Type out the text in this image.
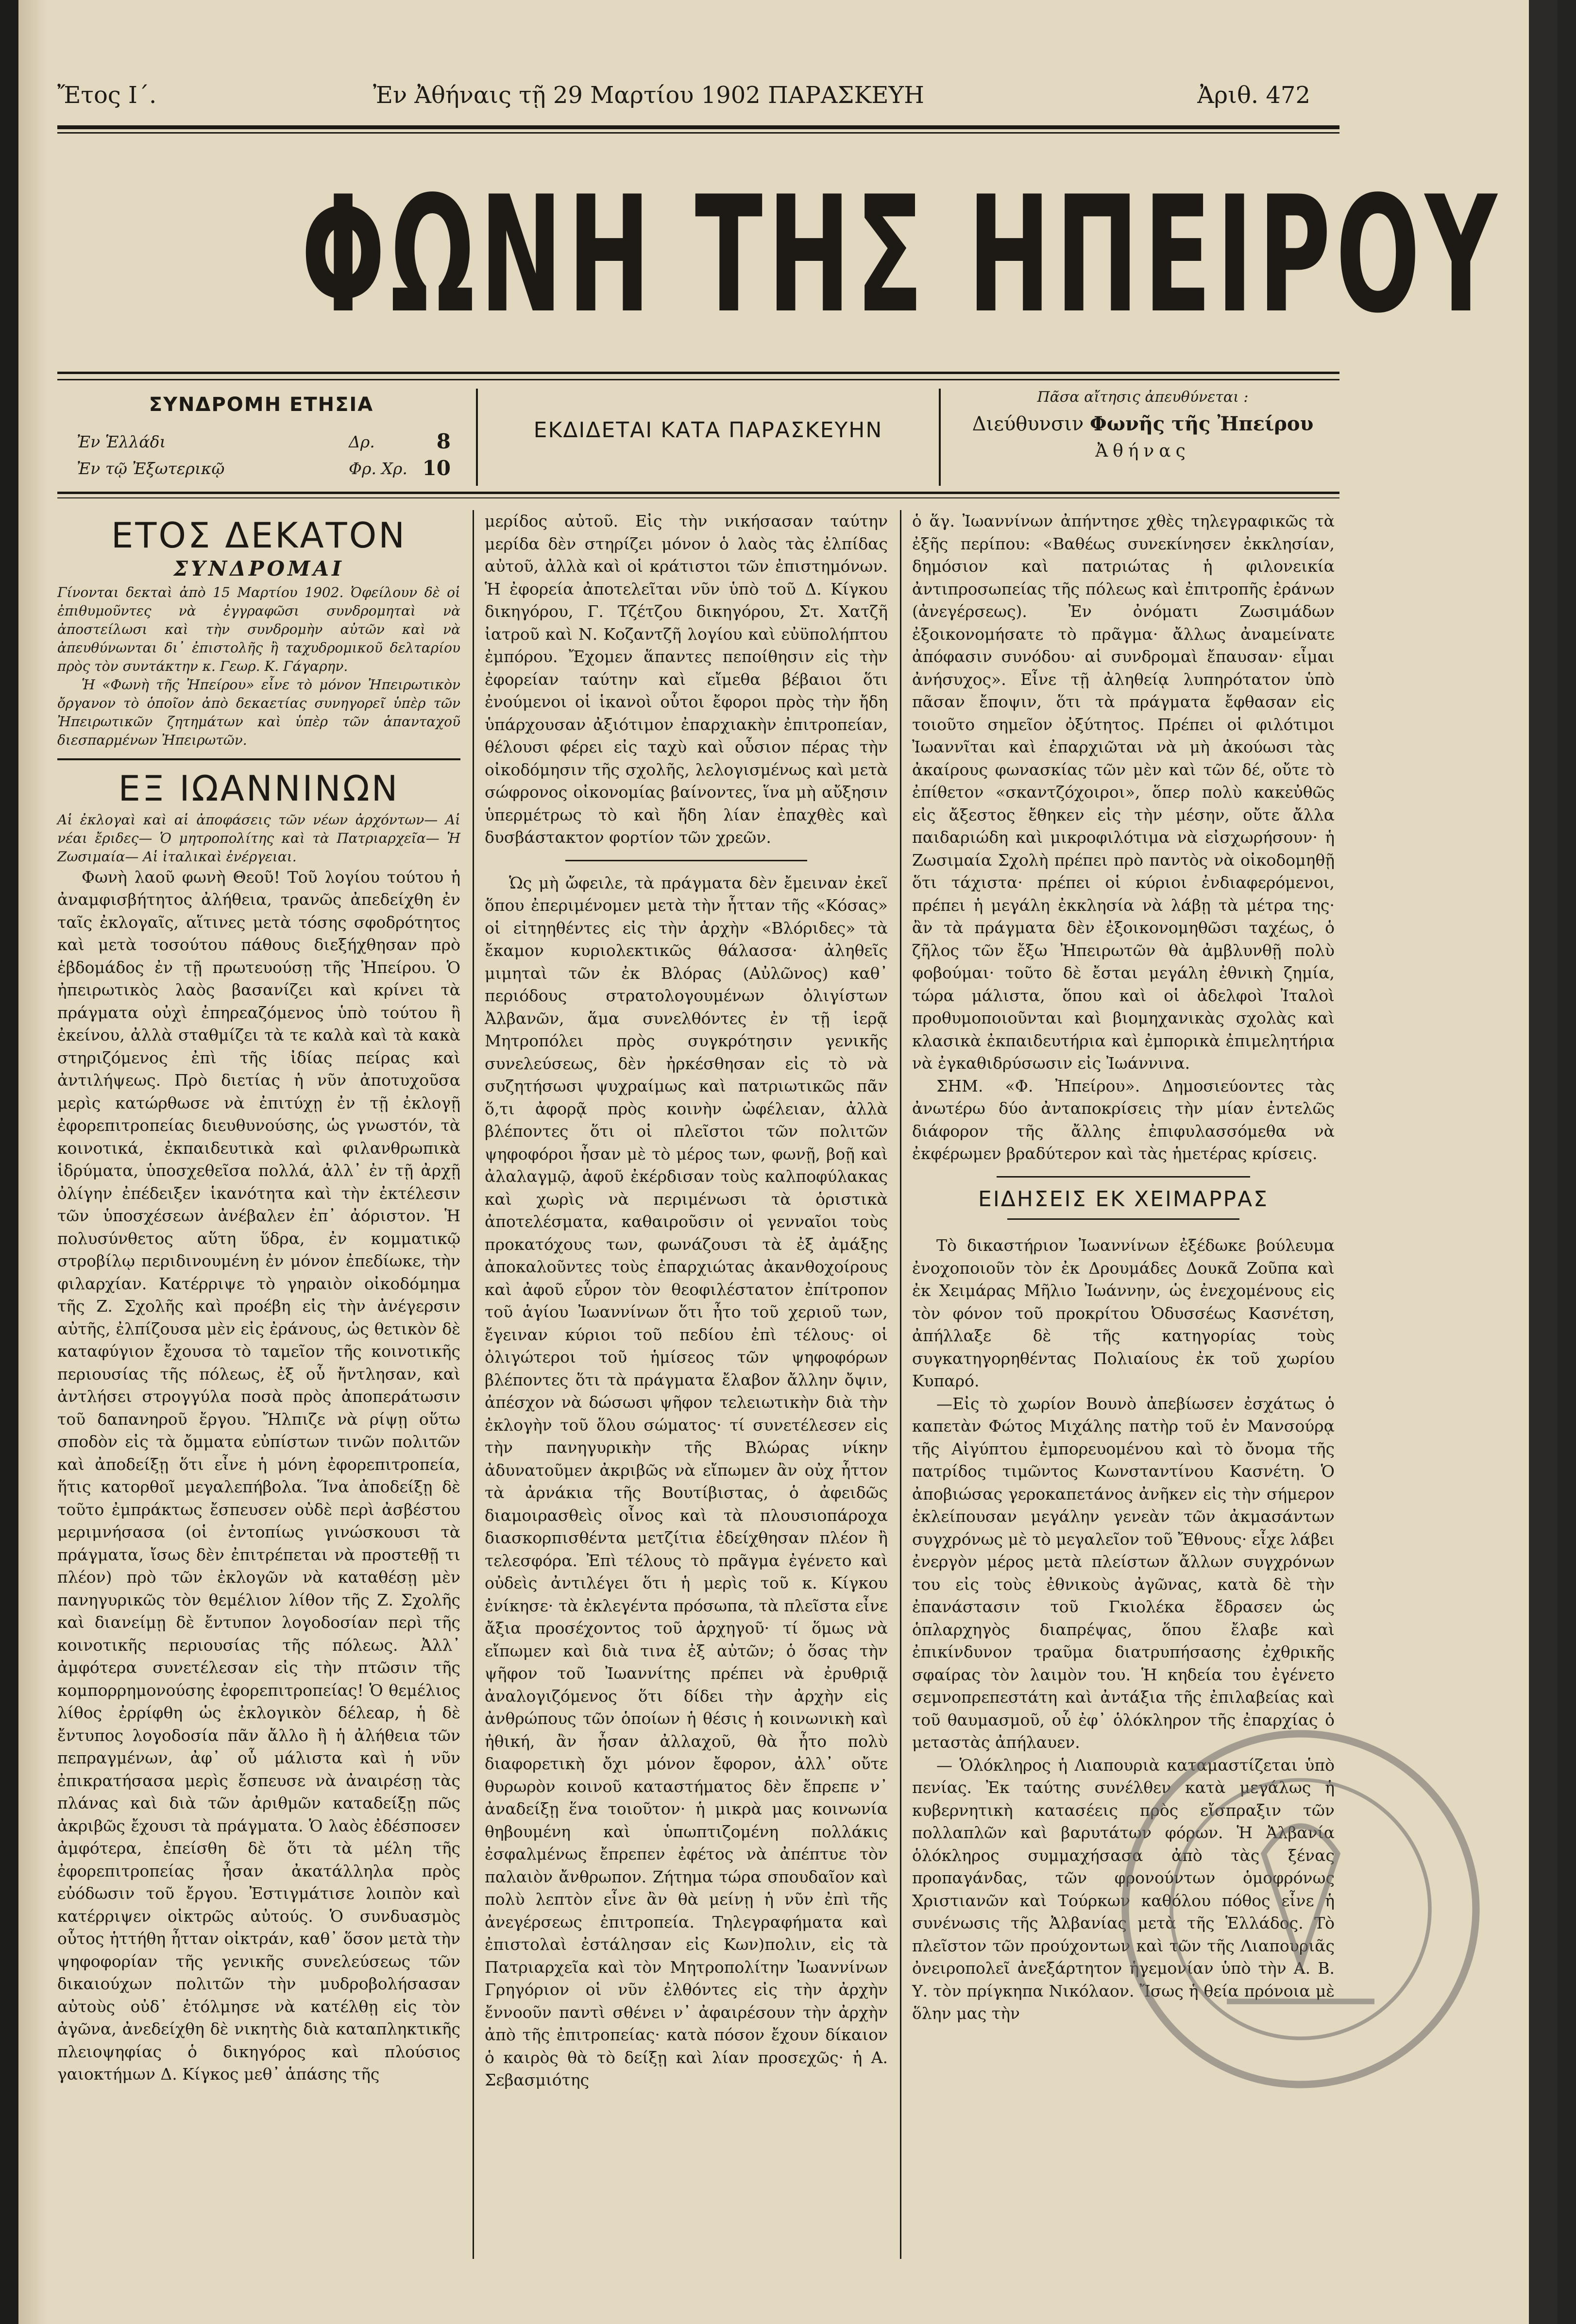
Ἔτος Ι΄.	Ἐν Ἀθήναις τῇ 29 Μαρτίου 1902 ΠΑΡΑΣΚΕΥΗ	Ἀριθ. 472
ΦΩΝΗ ΤΗΣ ΗΠΕΙΡΟΥ
ΣΥΝΔΡΟΜΗ ΕΤΗΣΙΑ
Ἐν Ἑλλάδι	Δρ.	8
Ἐν τῷ Ἐξωτερικῷ	Φρ. Χρ. 10
ΕΚΔΙΔΕΤΑΙ ΚΑΤΑ ΠΑΡΑΣΚΕΥΗΝ
Πᾶσα αἴτησις ἀπευθύνεται :
Διεύθυνσιν Φωνῆς τῆς Ἠπείρου
Ἀθήνας
ΕΤΟΣ ΔΕΚΑΤΟΝ
ΣΥΝΔΡΟΜΑΙ

Γίνονται δεκταὶ ἀπὸ 15 Μαρτίου 1902. Ὀφείλουν δὲ οἱ ἐπιθυμοῦντες νὰ ἐγγραφῶσι συνδρομηταὶ νὰ ἀποστείλωσι καὶ τὴν συνδρομὴν αὐτῶν καὶ νὰ ἀπευθύνωνται δι᾽ ἐπιστολῆς ἢ ταχυδρομικοῦ δελταρίου πρὸς τὸν συντάκτην κ. Γεωρ. Κ. Γάγαρην.

Ἡ «Φωνὴ τῆς Ἠπείρου» εἶνε τὸ μόνον Ἠπειρωτικὸν ὄργανον τὸ ὁποῖον ἀπὸ δεκαετίας συνηγορεῖ ὑπὲρ τῶν Ἠπειρωτικῶν ζητημάτων καὶ ὑπὲρ τῶν ἁπανταχοῦ διεσπαρμένων Ἠπειρωτῶν.

ΕΞ ΙΩΑΝΝΙΝΩΝ

Αἱ ἐκλογαὶ καὶ αἱ ἀποφάσεις τῶν νέων ἀρχόντων— Αἱ νέαι ἔριδες— Ὁ μητροπολίτης καὶ τὰ Πατριαρχεῖα— Ἡ Ζωσιμαία— Αἱ ἰταλικαὶ ἐνέργειαι.

Φωνὴ λαοῦ φωνὴ Θεοῦ! Τοῦ λογίου τούτου ἡ ἀναμφισβήτητος ἀλήθεια, τρανῶς ἀπεδείχθη ἐν ταῖς ἐκλογαῖς, αἵτινες μετὰ τόσης σφοδρότητος καὶ μετὰ τοσούτου πάθους διεξήχθησαν πρὸ ἑβδομάδος ἐν τῇ πρωτευούσῃ τῆς Ἠπείρου. Ὁ ἠπειρωτικὸς λαὸς βασανίζει καὶ κρίνει τὰ πράγματα οὐχὶ ἐπηρεαζόμενος ὑπὸ τούτου ἢ ἐκείνου, ἀλλὰ σταθμίζει τὰ τε καλὰ καὶ τὰ κακὰ στηριζόμενος ἐπὶ τῆς ἰδίας πείρας καὶ ἀντιλήψεως. Πρὸ διετίας ἡ νῦν ἀποτυχοῦσα μερὶς κατώρθωσε νὰ ἐπιτύχῃ ἐν τῇ ἐκλογῇ ἐφορεπιτροπείας διευθυνούσης, ὡς γνωστόν, τὰ κοινοτικά, ἐκπαιδευτικὰ καὶ φιλανθρωπικὰ ἱδρύματα, ὑποσχεθεῖσα πολλά, ἀλλ᾽ ἐν τῇ ἀρχῇ ὀλίγην ἐπέδειξεν ἱκανότητα καὶ τὴν ἐκτέλεσιν τῶν ὑποσχέσεων ἀνέβαλεν ἐπ᾽ ἀόριστον. Ἡ πολυσύνθετος αὕτη ὕδρα, ἐν κομματικῷ στροβίλῳ περιδινουμένη ἐν μόνον ἐπεδίωκε, τὴν φιλαρχίαν. Κατέρριψε τὸ γηραιὸν οἰκοδόμημα τῆς Ζ. Σχολῆς καὶ προέβη εἰς τὴν ἀνέγερσιν αὐτῆς, ἐλπίζουσα μὲν εἰς ἐράνους, ὡς θετικὸν δὲ καταφύγιον ἔχουσα τὸ ταμεῖον τῆς κοινοτικῆς περιουσίας τῆς πόλεως, ἐξ οὗ ἤντλησαν, καὶ ἀντλήσει στρογγύλα ποσὰ πρὸς ἀποπεράτωσιν τοῦ δαπανηροῦ ἔργου. Ἤλπιζε νὰ ρίψῃ οὕτω σποδὸν εἰς τὰ ὄμματα εὐπίστων τινῶν πολιτῶν καὶ ἀποδείξῃ ὅτι εἶνε ἡ μόνη ἐφορεπιτροπεία, ἥτις κατορθοῖ μεγαλεπήβολα. Ἵνα ἀποδείξῃ δὲ τοῦτο ἐμπράκτως ἔσπευσεν οὐδὲ περὶ ἀσβέστου μεριμνήσασα (οἱ ἐντοπίως γινώσκουσι τὰ πράγματα, ἴσως δὲν ἐπιτρέπεται νὰ προστεθῇ τι πλέον) πρὸ τῶν ἐκλογῶν νὰ καταθέσῃ μὲν πανηγυρικῶς τὸν θεμέλιον λίθον τῆς Ζ. Σχολῆς καὶ διανείμῃ δὲ ἔντυπον λογοδοσίαν περὶ τῆς κοινοτικῆς περιουσίας τῆς πόλεως. Ἀλλ᾽ ἀμφότερα συνετέλεσαν εἰς τὴν πτῶσιν τῆς κομπορρημονούσης ἐφορεπιτροπείας! Ὁ θεμέλιος λίθος ἐρρίφθη ὡς ἐκλογικὸν δέλεαρ, ἡ δὲ ἔντυπος λογοδοσία πᾶν ἄλλο ἢ ἡ ἀλήθεια τῶν πεπραγμένων, ἀφ᾽ οὗ μάλιστα καὶ ἡ νῦν ἐπικρατήσασα μερὶς ἔσπευσε νὰ ἀναιρέσῃ τὰς πλάνας καὶ διὰ τῶν ἀριθμῶν καταδείξῃ πῶς ἀκριβῶς ἔχουσι τὰ πράγματα. Ὁ λαὸς ἐδέσποσεν ἀμφότερα, ἐπείσθη δὲ ὅτι τὰ μέλη τῆς ἐφορεπιτροπείας ἦσαν ἀκατάλληλα πρὸς εὐόδωσιν τοῦ ἔργου. Ἐστιγμάτισε λοιπὸν καὶ κατέρριψεν οἰκτρῶς αὐτούς. Ὁ συνδυασμὸς οὗτος ἡττήθη ἦτταν οἰκτράν, καθ᾽ ὅσον μετὰ τὴν ψηφοφορίαν τῆς γενικῆς συνελεύσεως τῶν δικαιούχων πολιτῶν τὴν μυδροβολήσασαν αὐτοὺς οὐδ᾽ ἐτόλμησε νὰ κατέλθῃ εἰς τὸν ἀγῶνα, ἀνεδείχθη δὲ νικητὴς διὰ καταπληκτικῆς πλειοψηφίας ὁ δικηγόρος καὶ πλούσιος γαιοκτήμων Δ. Κίγκος μεθ᾽ ἁπάσης τῆς

μερίδος αὐτοῦ. Εἰς τὴν νικήσασαν ταύτην μερίδα δὲν στηρίζει μόνον ὁ λαὸς τὰς ἐλπίδας αὐτοῦ, ἀλλὰ καὶ οἱ κράτιστοι τῶν ἐπιστημόνων. Ἡ ἐφορεία ἀποτελεῖται νῦν ὑπὸ τοῦ Δ. Κίγκου δικηγόρου, Γ. Τζέτζου δικηγόρου, Στ. Χατζῆ ἰατροῦ καὶ Ν. Κοζαντζῆ λογίου καὶ εὐϋπολήπτου ἐμπόρου. Ἔχομεν ἅπαντες πεποίθησιν εἰς τὴν ἐφορείαν ταύτην καὶ εἴμεθα βέβαιοι ὅτι ἐνούμενοι οἱ ἱκανοὶ οὗτοι ἔφοροι πρὸς τὴν ἤδη ὑπάρχουσαν ἀξιότιμον ἐπαρχιακὴν ἐπιτροπείαν, θέλουσι φέρει εἰς ταχὺ καὶ οὖσιον πέρας τὴν οἰκοδόμησιν τῆς σχολῆς, λελογισμένως καὶ μετὰ σώφρονος οἰκονομίας βαίνοντες, ἵνα μὴ αὔξησιν ὑπερμέτρως τὸ καὶ ἤδη λίαν ἐπαχθὲς καὶ δυσβάστακτον φορτίον τῶν χρεῶν.

Ὡς μὴ ὤφειλε, τὰ πράγματα δὲν ἔμειναν ἐκεῖ ὅπου ἐπεριμένομεν μετὰ τὴν ἧτταν τῆς «Κόσας» οἱ εἰτηηθέντες εἰς τὴν ἀρχὴν «Βλόριδες» τὰ ἔκαμον κυριολεκτικῶς θάλασσα· ἀληθεῖς μιμηταὶ τῶν ἐκ Βλόρας (Αὐλῶνος) καθ᾽ περιόδους στρατολογουμένων ὀλιγίστων Ἀλβανῶν, ἅμα συνελθόντες ἐν τῇ ἱερᾷ Μητροπόλει πρὸς συγκρότησιν γενικῆς συνελεύσεως, δὲν ἠρκέσθησαν εἰς τὸ νὰ συζητήσωσι ψυχραίμως καὶ πατριωτικῶς πᾶν ὅ,τι ἀφορᾷ πρὸς κοινὴν ὠφέλειαν, ἀλλὰ βλέποντες ὅτι οἱ πλεῖστοι τῶν πολιτῶν ψηφοφόροι ἦσαν μὲ τὸ μέρος των, φωνῇ, βοῇ καὶ ἀλαλαγμῷ, ἀφοῦ ἐκέρδισαν τοὺς καλποφύλακας καὶ χωρὶς νὰ περιμένωσι τὰ ὁριστικὰ ἀποτελέσματα, καθαιροῦσιν οἱ γενναῖοι τοὺς προκατόχους των, φωνάζουσι τὰ ἐξ ἀμάξης ἀποκαλοῦντες τοὺς ἐπαρχιώτας ἀκανθοχοίρους καὶ ἀφοῦ εὗρον τὸν θεοφιλέστατον ἐπίτροπον τοῦ ἁγίου Ἰωαννίνων ὅτι ἦτο τοῦ χεριοῦ των, ἔγειναν κύριοι τοῦ πεδίου ἐπὶ τέλους· οἱ ὀλιγώτεροι τοῦ ἡμίσεος τῶν ψηφοφόρων βλέποντες ὅτι τὰ πράγματα ἔλαβον ἄλλην ὄψιν, ἀπέσχον νὰ δώσωσι ψῆφον τελειωτικὴν διὰ τὴν ἐκλογὴν τοῦ ὅλου σώματος· τί συνετέλεσεν εἰς τὴν πανηγυρικὴν τῆς Βλώρας νίκην ἀδυνατοῦμεν ἀκριβῶς νὰ εἴπωμεν ἂν οὐχ ἧττον τὰ ἀρνάκια τῆς Βουτίβιστας, ὁ ἀφειδῶς διαμοιρασθεὶς οἶνος καὶ τὰ πλουσιοπάροχα διασκορπισθέντα μετζίτια ἐδείχθησαν πλέον ἢ τελεσφόρα. Ἐπὶ τέλους τὸ πρᾶγμα ἐγένετο καὶ οὐδεὶς ἀντιλέγει ὅτι ἡ μερὶς τοῦ κ. Κίγκου ἐνίκησε· τὰ ἐκλεγέντα πρόσωπα, τὰ πλεῖστα εἶνε ἄξια προσέχοντος τοῦ ἀρχηγοῦ· τί ὅμως νὰ εἴπωμεν καὶ διὰ τινα ἐξ αὐτῶν; ὁ ὅσας τὴν ψῆφον τοῦ Ἰωαννίτης πρέπει νὰ ἐρυθριᾷ ἀναλογιζόμενος ὅτι δίδει τὴν ἀρχὴν εἰς ἀνθρώπους τῶν ὁποίων ἡ θέσις ἡ κοινωνικὴ καὶ ἠθική, ἂν ἦσαν ἀλλαχοῦ, θὰ ἦτο πολὺ διαφορετικὴ ὄχι μόνον ἔφορον, ἀλλ᾽ οὔτε θυρωρὸν κοινοῦ καταστήματος δὲν ἔπρεπε ν᾽ ἀναδείξῃ ἕνα τοιοῦτον· ἡ μικρὰ μας κοινωνία θηβουμένη καὶ ὑπωπτιζομένη πολλάκις ἐσφαλμένως ἔπρεπεν ἐφέτος νὰ ἀπέπτυε τὸν παλαιὸν ἄνθρωπον. Ζήτημα τώρα σπουδαῖον καὶ πολὺ λεπτὸν εἶνε ἂν θὰ μείνῃ ἡ νῦν ἐπὶ τῆς ἀνεγέρσεως ἐπιτροπεία. Τηλεγραφήματα καὶ ἐπιστολαὶ ἐστάλησαν εἰς Κων)πολιν, εἰς τὰ Πατριαρχεῖα καὶ τὸν Μητροπολίτην Ἰωαννίνων Γρηγόριον οἱ νῦν ἐλθόντες εἰς τὴν ἀρχὴν ἔννοοῦν παντὶ σθένει ν᾽ ἀφαιρέσουν τὴν ἀρχὴν ἀπὸ τῆς ἐπιτροπείας· κατὰ πόσον ἔχουν δίκαιον ὁ καιρὸς θὰ τὸ δείξῃ καὶ λίαν προσεχῶς· ἡ Α. Σεβασμιότης

ὁ ἅγ. Ἰωαννίνων ἀπήντησε χθὲς τηλεγραφικῶς τὰ ἐξῆς περίπου: «Βαθέως συνεκίνησεν ἐκκλησίαν, δημόσιον καὶ πατριώτας ἡ φιλονεικία ἀντιπροσωπείας τῆς πόλεως καὶ ἐπιτροπῆς ἐράνων (ἀνεγέρσεως). Ἐν ὀνόματι Ζωσιμάδων ἐξοικονομήσατε τὸ πρᾶγμα· ἄλλως ἀναμείνατε ἀπόφασιν συνόδου· αἱ συνδρομαὶ ἔπαυσαν· εἶμαι ἀνήσυχος». Εἶνε τῇ ἀληθείᾳ λυπηρότατον ὑπὸ πᾶσαν ἔποψιν, ὅτι τὰ πράγματα ἔφθασαν εἰς τοιοῦτο σημεῖον ὀξύτητος. Πρέπει οἱ φιλότιμοι Ἰωαννῖται καὶ ἐπαρχιῶται νὰ μὴ ἀκούωσι τὰς ἀκαίρους φωνασκίας τῶν μὲν καὶ τῶν δέ, οὔτε τὸ ἐπίθετον «σκαντζόχοιροι», ὅπερ πολὺ κακεὐθῶς εἰς ἄξεστος ἔθηκεν εἰς τὴν μέσην, οὔτε ἄλλα παιδαριώδη καὶ μικροφιλότιμα νὰ εἰσχωρήσουν· ἡ Ζωσιμαία Σχολὴ πρέπει πρὸ παντὸς νὰ οἰκοδομηθῇ ὅτι τάχιστα· πρέπει οἱ κύριοι ἐνδιαφερόμενοι, πρέπει ἡ μεγάλη ἐκκλησία νὰ λάβῃ τὰ μέτρα της· ἂν τὰ πράγματα δὲν ἐξοικονομηθῶσι ταχέως, ὁ ζῆλος τῶν ἔξω Ἠπειρωτῶν θὰ ἀμβλυνθῇ πολὺ φοβούμαι· τοῦτο δὲ ἔσται μεγάλη ἐθνικὴ ζημία, τώρα μάλιστα, ὅπου καὶ οἱ ἀδελφοὶ Ἰταλοὶ προθυμοποιοῦνται καὶ βιομηχανικὰς σχολὰς καὶ κλασικὰ ἐκπαιδευτήρια καὶ ἐμπορικὰ ἐπιμελητήρια νὰ ἐγκαθιδρύσωσιν εἰς Ἰωάννινα.

ΣΗΜ. «Φ. Ἠπείρου». Δημοσιεύοντες τὰς ἀνωτέρω δύο ἀνταποκρίσεις τὴν μίαν ἐντελῶς διάφορον τῆς ἄλλης ἐπιφυλασσόμεθα νὰ ἐκφέρωμεν βραδύτερον καὶ τὰς ἡμετέρας κρίσεις.

ΕΙΔΗΣΕΙΣ ΕΚ ΧΕΙΜΑΡΡΑΣ

Τὸ δικαστήριον Ἰωαννίνων ἐξέδωκε βούλευμα ἐνοχοποιοῦν τὸν ἐκ Δρουμάδες Δουκᾶ Ζοῦπα καὶ ἐκ Χειμάρας Μῆλιο Ἰωάννην, ὡς ἐνεχομένους εἰς τὸν φόνον τοῦ προκρίτου Ὀδυσσέως Κασνέτση, ἀπήλλαξε δὲ τῆς κατηγορίας τοὺς συγκατηγορηθέντας Πολιαίους ἐκ τοῦ χωρίου Κυπαρό.

—Εἰς τὸ χωρίον Βουνὸ ἀπεβίωσεν ἐσχάτως ὁ καπετὰν Φώτος Μιχάλης πατὴρ τοῦ ἐν Μανσούρᾳ τῆς Αἰγύπτου ἐμπορευομένου καὶ τὸ ὄνομα τῆς πατρίδος τιμῶντος Κωνσταντίνου Κασνέτη. Ὁ ἀποβιώσας γεροκαπετάνος ἀνῆκεν εἰς τὴν σήμερον ἐκλείπουσαν μεγάλην γενεὰν τῶν ἀκμασάντων συγχρόνως μὲ τὸ μεγαλεῖον τοῦ Ἔθνους· εἶχε λάβει ἐνεργὸν μέρος μετὰ πλείστων ἄλλων συγχρόνων του εἰς τοὺς ἐθνικοὺς ἀγῶνας, κατὰ δὲ τὴν ἐπανάστασιν τοῦ Γκιολέκα ἔδρασεν ὡς ὁπλαρχηγὸς διαπρέψας, ὅπου ἔλαβε καὶ ἐπικίνδυνον τραῦμα διατρυπήσασης ἐχθρικῆς σφαίρας τὸν λαιμὸν του. Ἡ κηδεία του ἐγένετο σεμνοπρεπεστάτη καὶ ἀντάξια τῆς ἐπιλαβείας καὶ τοῦ θαυμασμοῦ, οὗ ἐφ᾽ ὁλόκληρον τῆς ἐπαρχίας ὁ μεταστὰς ἀπήλαυεν.

— Ὁλόκληρος ἡ Λιαπουριὰ καταμαστίζεται ὑπὸ πενίας. Ἐκ ταύτης συνέλθεν κατὰ μεγάλως ἡ κυβερνητικὴ κατασέεις πρὸς εἴσπραξιν τῶν πολλαπλῶν καὶ βαρυτάτων φόρων. Ἡ Ἀλβανία ὁλόκληρος συμμαχήσασα ἀπὸ τὰς ξένας προπαγάνδας, τῶν φρονούντων ὁμοφρόνως Χριστιανῶν καὶ Τούρκων καθόλου πόθος εἶνε ἡ συνένωσις τῆς Ἀλβανίας μετὰ τῆς Ἑλλάδος. Τὸ πλεῖστον τῶν προύχοντων καὶ τῶν τῆς Λιαπουριᾶς ὀνειροπολεῖ ἀνεξάρτητον ἡγεμονίαν ὑπὸ τὴν Α. Β. Υ. τὸν πρίγκηπα Νικόλαον. Ἴσως ἡ θεία πρόνοια μὲ ὅλην μας τὴν
